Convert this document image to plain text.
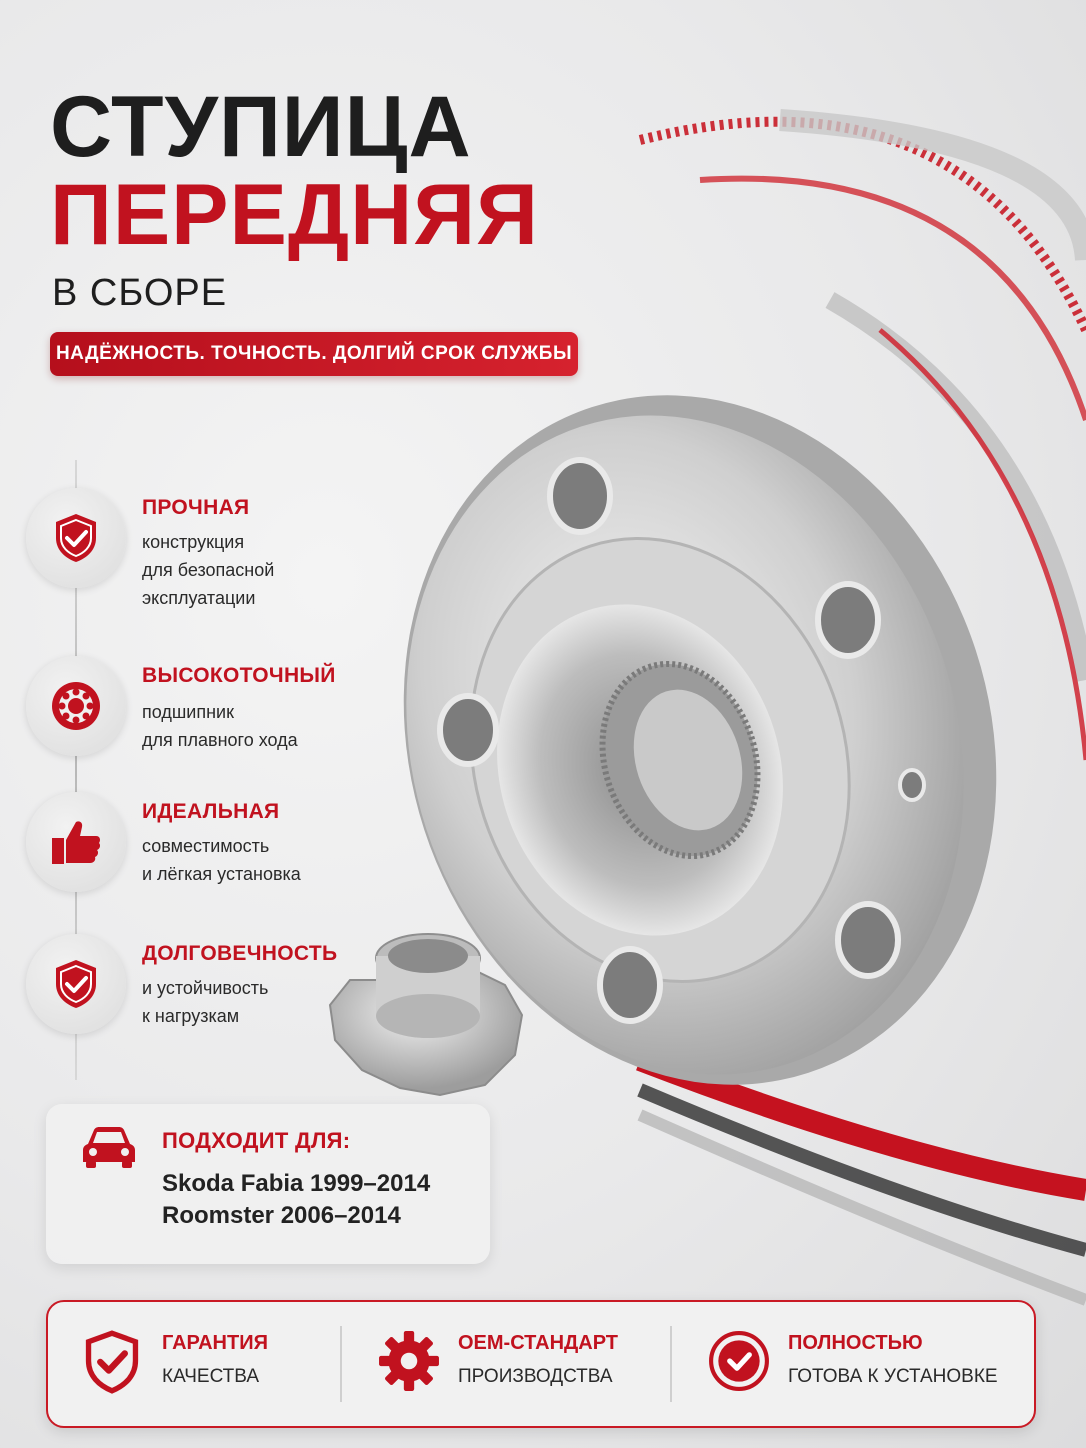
СТУПИЦА
ПЕРЕДНЯЯ
В СБОРЕ
НАДЁЖНОСТЬ. ТОЧНОСТЬ. ДОЛГИЙ СРОК СЛУЖБЫ
ПРОЧНАЯ
конструкция
для безопасной
эксплуатации
ВЫСОКОТОЧНЫЙ
подшипник
для плавного хода
ИДЕАЛЬНАЯ
совместимость
и лёгкая установка
ДОЛГОВЕЧНОСТЬ
и устойчивость
к нагрузкам
ПОДХОДИТ ДЛЯ:
Skoda Fabia 1999–2014
Roomster 2006–2014
ГАРАНТИЯ
КАЧЕСТВА
OEM-СТАНДАРТ
ПРОИЗВОДСТВА
ПОЛНОСТЬЮ
ГОТОВА К УСТАНОВКЕ
